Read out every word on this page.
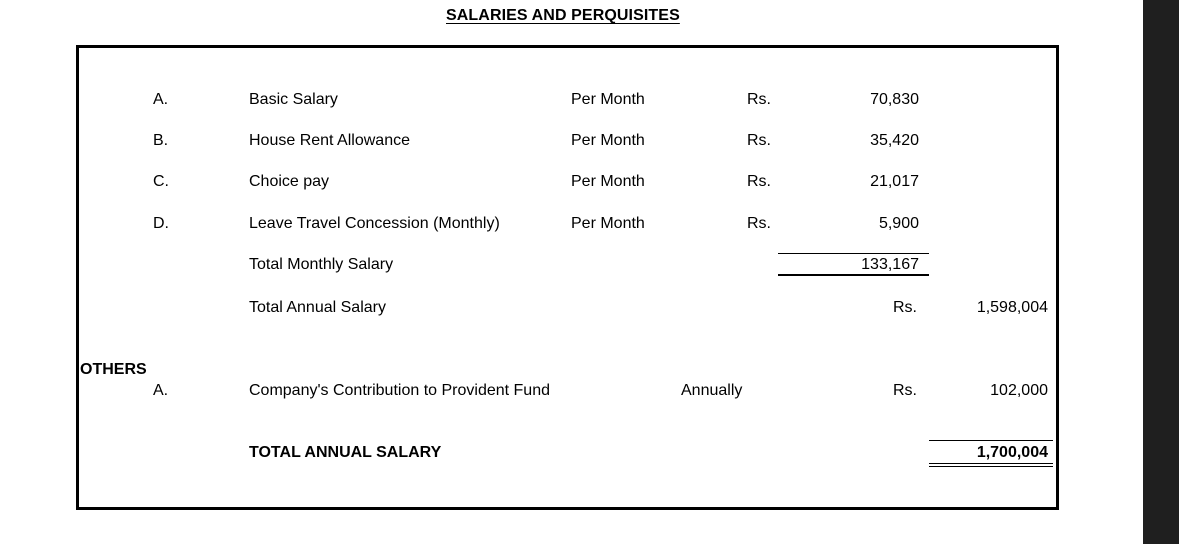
SALARIES AND PERQUISITES
A.	Basic Salary	Per Month	Rs.	70,830
B.	House Rent Allowance	Per Month	Rs.	35,420
C.	Choice pay	Per Month	Rs.	21,017
D.	Leave Travel Concession (Monthly)	Per Month	Rs.	5,900
Total Monthly Salary	133,167
Total Annual Salary	Rs.	1,598,004
OTHERS
A.	Company's Contribution to Provident Fund	Annually	Rs.	102,000
TOTAL ANNUAL SALARY	1,700,004
